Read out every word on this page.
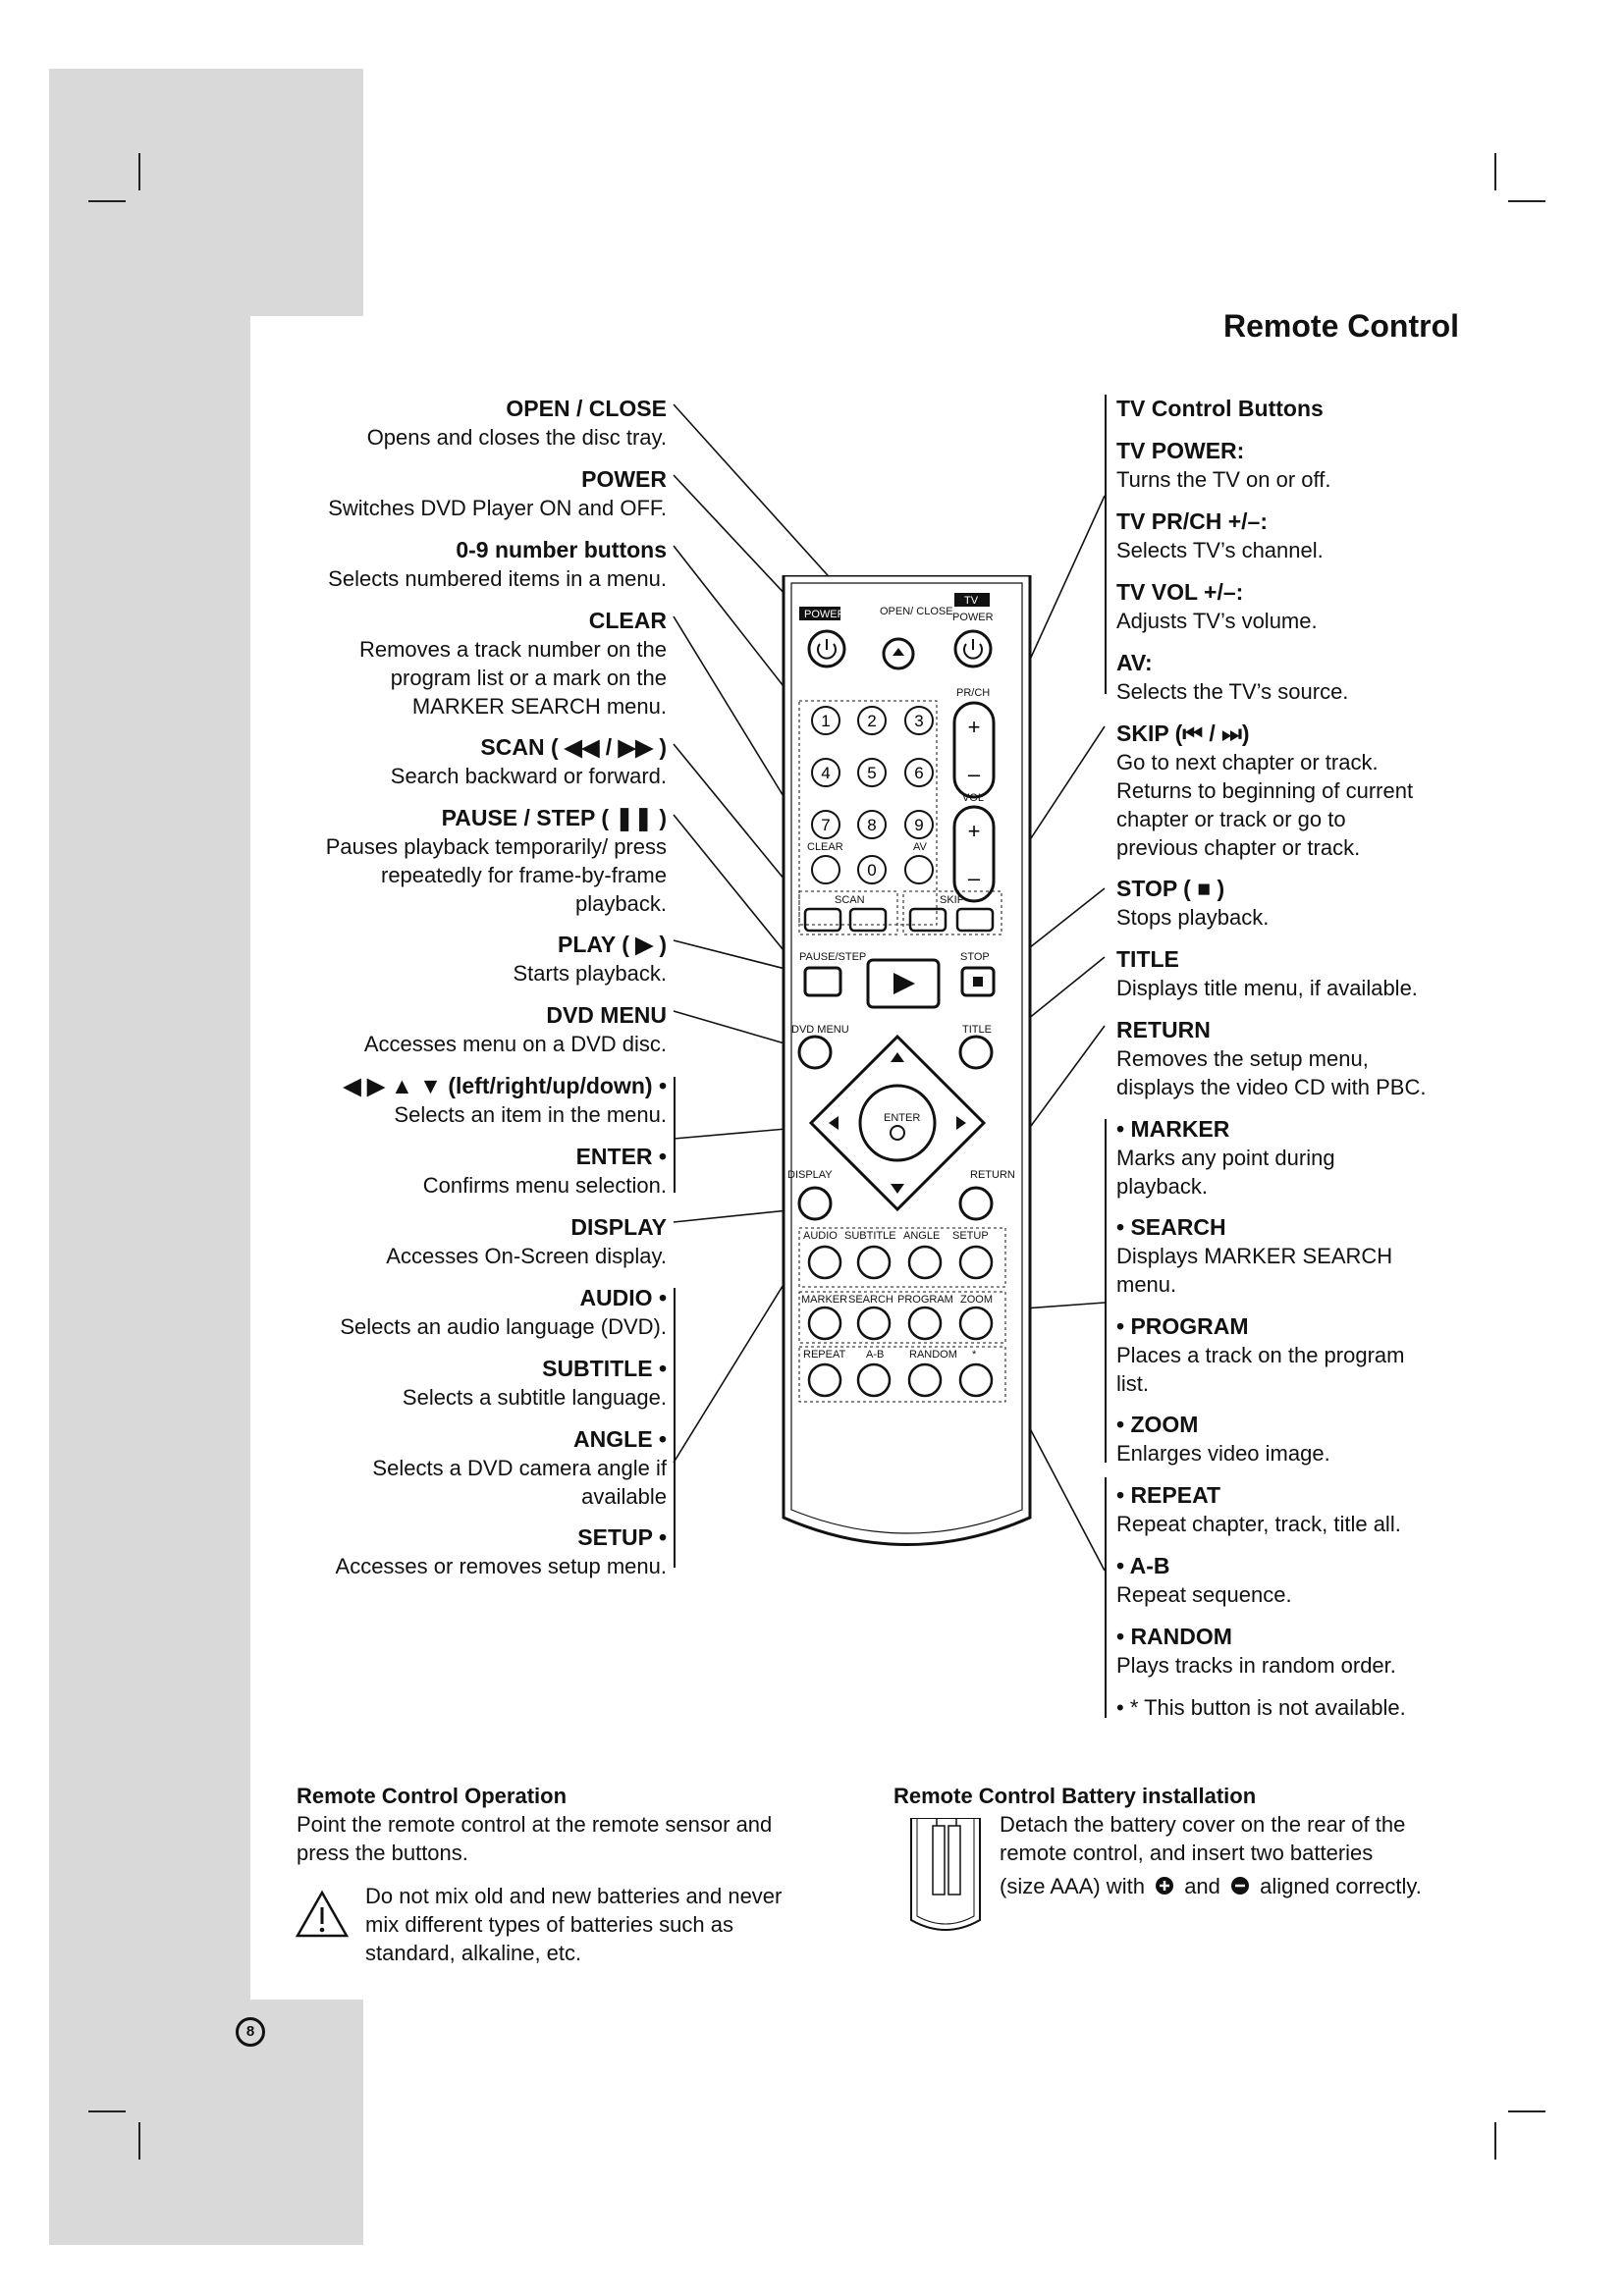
Remote Control
OPEN / CLOSE
Opens and closes the disc tray.
POWER
Switches DVD Player ON and OFF.
0-9 number buttons
Selects numbered items in a menu.
CLEAR
Removes a track number on the
program list or a mark on the
MARKER SEARCH menu.
SCAN ( ◀◀ / ▶▶ )
Search backward or forward.
PAUSE / STEP ( ❚❚ )
Pauses playback temporarily/ press
repeatedly for frame-by-frame
playback.
PLAY ( ▶ )
Starts playback.
DVD MENU
Accesses menu on a DVD disc.
◀ ▶ ▲ ▼ (left/right/up/down) •
Selects an item in the menu.
ENTER •
Confirms menu selection.
DISPLAY
Accesses On-Screen display.
AUDIO •
Selects an audio language (DVD).
SUBTITLE •
Selects a subtitle language.
ANGLE •
Selects a DVD camera angle if
available
SETUP •
Accesses or removes setup menu.
TV Control Buttons
TV POWER:
Turns the TV on or off.
TV PR/CH +/–:
Selects TV’s channel.
TV VOL +/–:
Adjusts TV’s volume.
AV:
Selects the TV’s source.
SKIP (⏮ / ⏭)
Go to next chapter or track.
Returns to beginning of current
chapter or track or go to
previous chapter or track.
STOP ( ■ )
Stops playback.
TITLE
Displays title menu, if available.
RETURN
Removes the setup menu,
displays the video CD with PBC.
• MARKER
Marks any point during
playback.
• SEARCH
Displays MARKER SEARCH
menu.
• PROGRAM
Places a track on the program
list.
• ZOOM
Enlarges video image.
• REPEAT
Repeat chapter, track, title all.
• A-B
Repeat sequence.
• RANDOM
Plays tracks in random order.
• * This button is not available.
POWER	OPEN/ CLOSE
TV
POWER
1 2 3
4 5 6
7 8 9
0
CLEAR	AV
PR/CH
+
–
VOL
+
–
SCAN	SKIP
PAUSE/STEP	STOP
DVD MENU	TITLE
ENTER
DISPLAY	RETURN
AUDIO SUBTITLE ANGLE SETUP
MARKER SEARCH PROGRAM ZOOM
REPEAT A-B RANDOM *
Remote Control Operation
Point the remote control at the remote sensor and
press the buttons.
Do not mix old and new batteries and never
mix different types of batteries such as
standard, alkaline, etc.
Remote Control Battery installation
Detach the battery cover on the rear of the
remote control, and insert two batteries
(size AAA) with and aligned correctly.
8
